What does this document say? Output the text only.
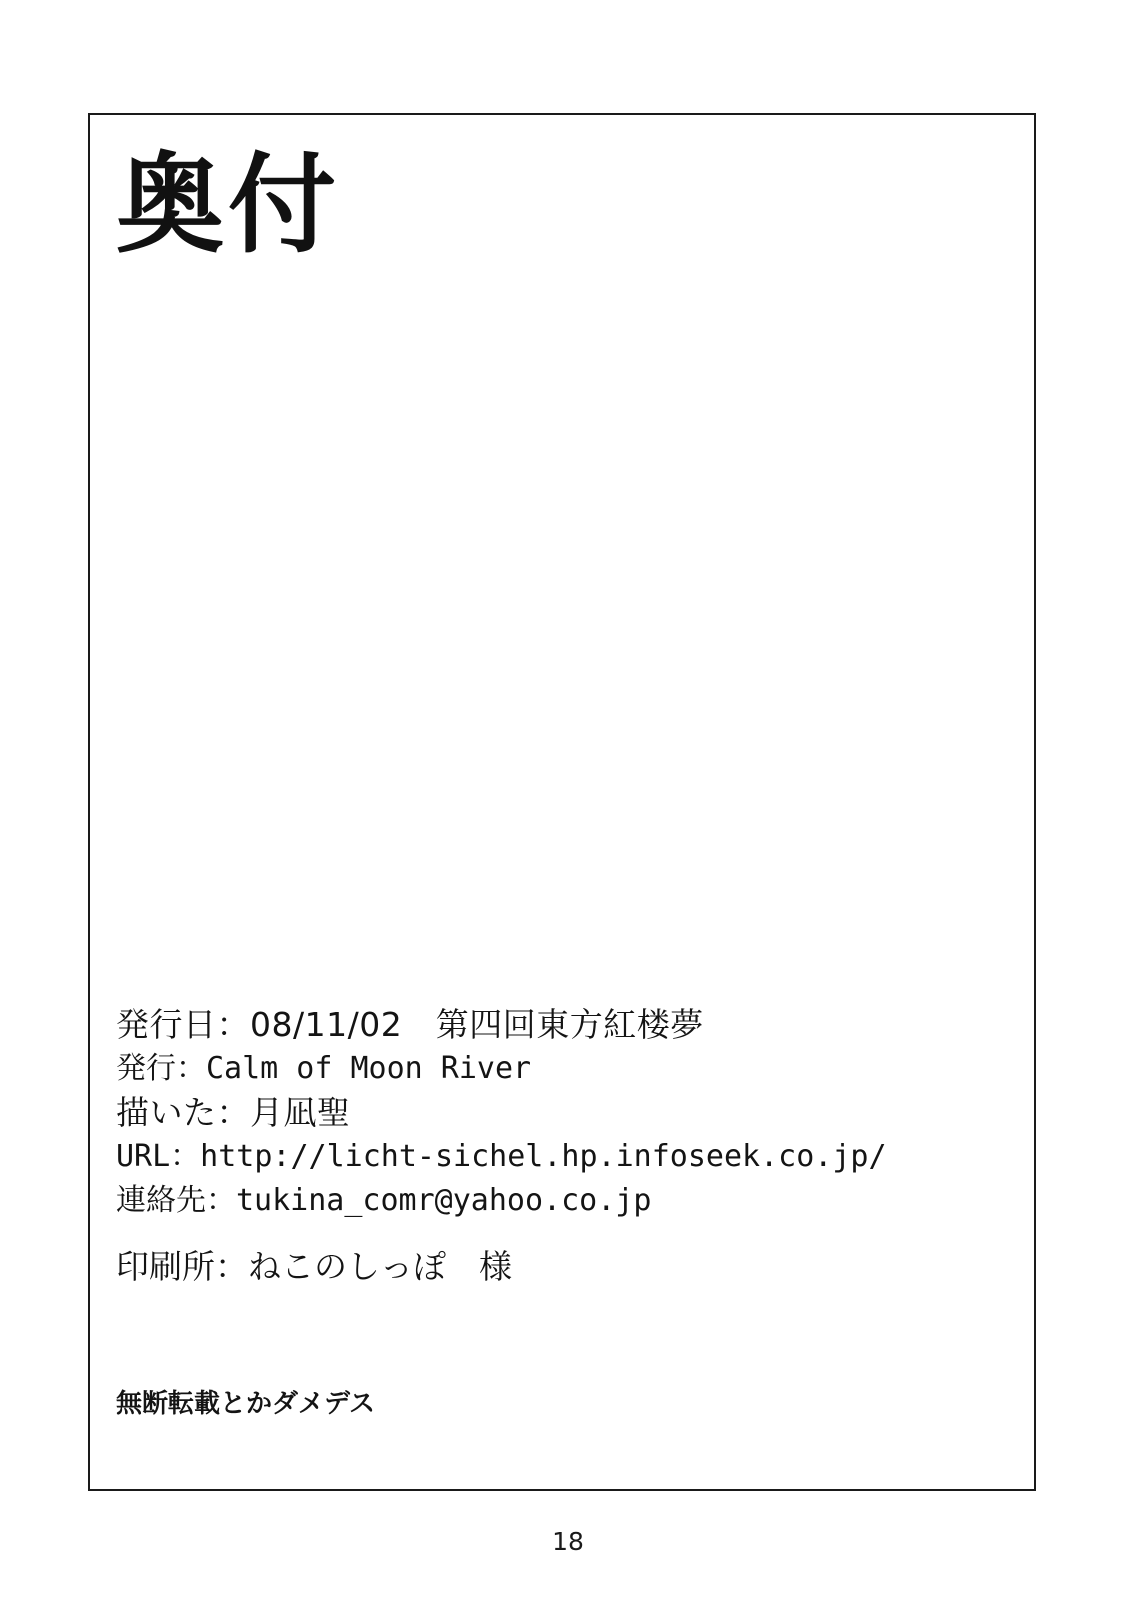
奥付
発行日：08/11/02　第四回東方紅楼夢
発行：Calm of Moon River
描いた：月凪聖
URL：http://licht-sichel.hp.infoseek.co.jp/
連絡先：tukina_comr@yahoo.co.jp
印刷所：ねこのしっぽ　様
無断転載とかダメデス
18
